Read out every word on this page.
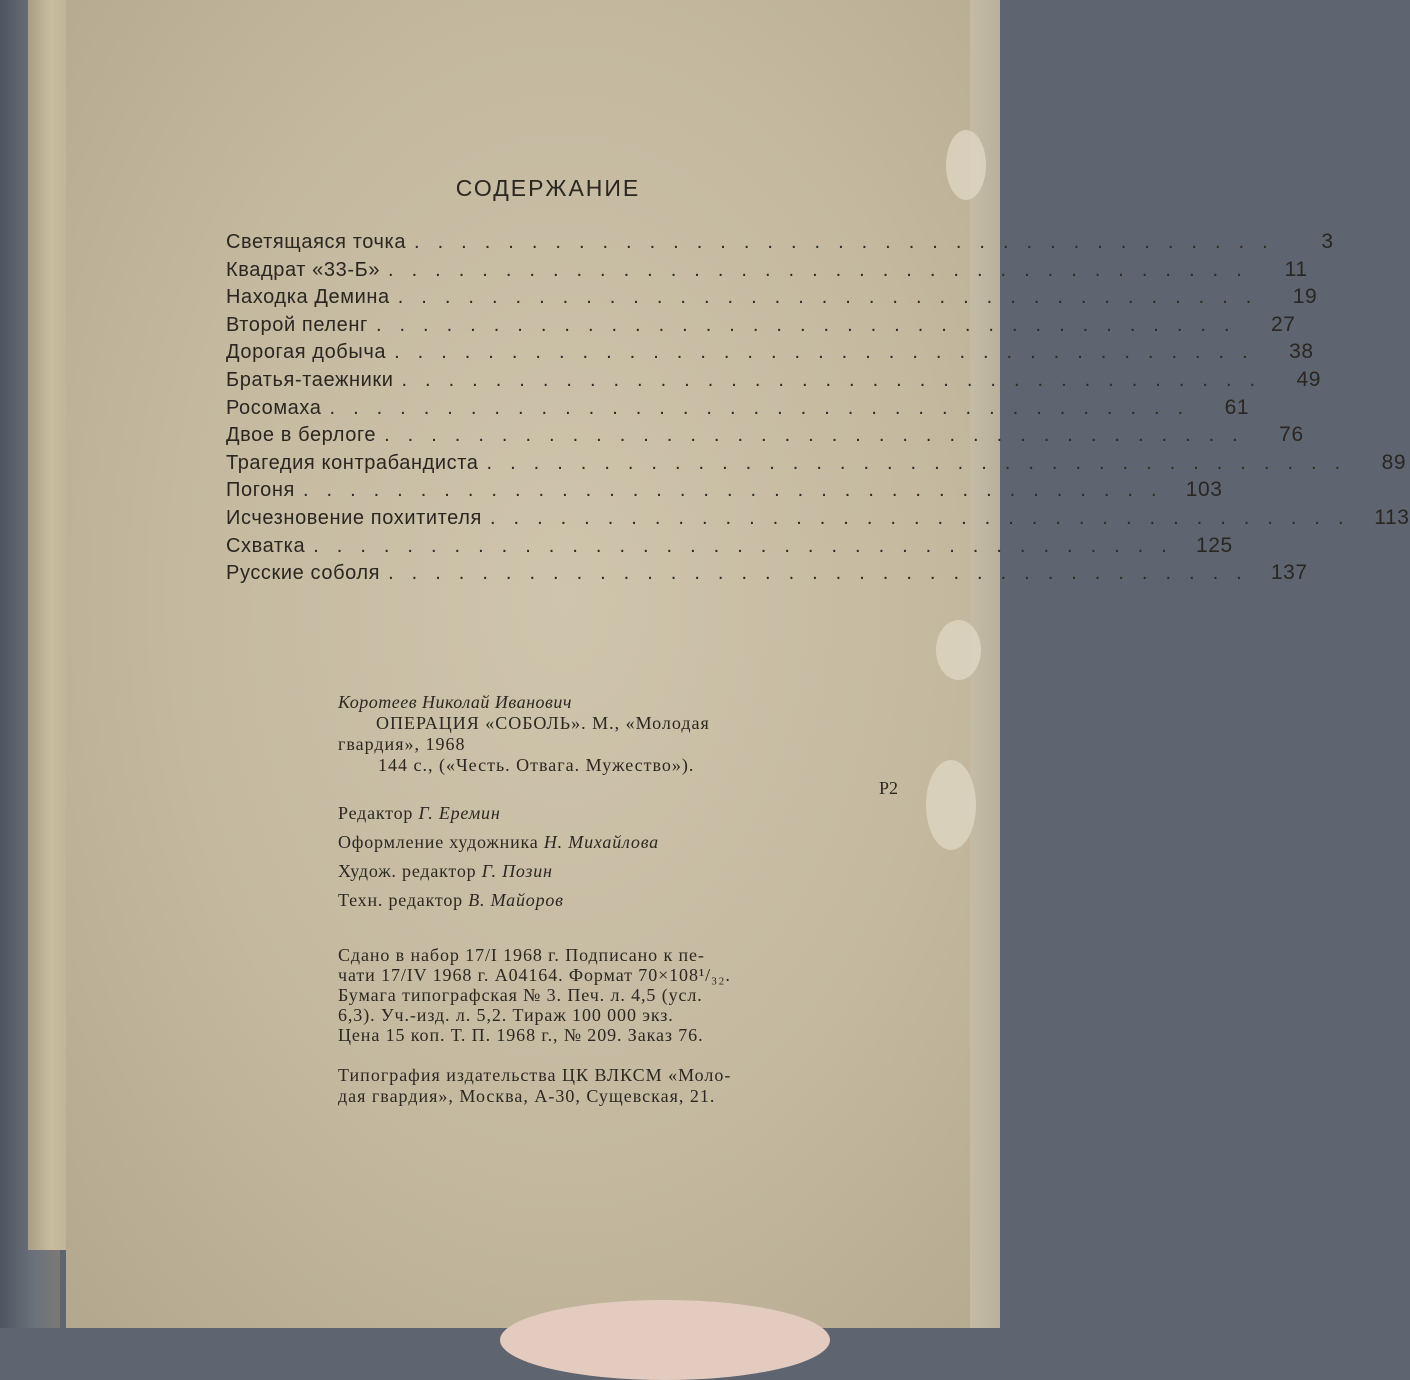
СОДЕРЖАНИЕ
Светящаяся точка .....................................	3
Квадрат «33-Б» .....................................	11
Находка Демина .....................................	19
Второй пеленг .....................................	27
Дорогая добыча .....................................	38
Братья-таежники .....................................	49
Росомаха .....................................	61
Двое в берлоге .....................................	76
Трагедия контрабандиста .....................................	89
Погоня ..................................... 103
Исчезновение похитителя ..................................... 113
Схватка ..................................... 125
Русские соболя ..................................... 137
Коротеев Николай Иванович
ОПЕРАЦИЯ «СОБОЛЬ». М., «Молодая
гвардия», 1968
144 с., («Честь. Отвага. Мужество»).
Р2
Редактор Г. Еремин
Оформление художника Н. Михайлова
Худож. редактор Г. Позин
Техн. редактор В. Майоров
Сдано в набор 17/I 1968 г. Подписано к пе-
чати 17/IV 1968 г. А04164. Формат 70×108¹/₃₂.
Бумага типографская № 3. Печ. л. 4,5 (усл.
6,3). Уч.-изд. л. 5,2. Тираж 100 000 экз.
Цена 15 коп. Т. П. 1968 г., № 209. Заказ 76.
Типография издательства ЦК ВЛКСМ «Моло-
дая гвардия», Москва, А-30, Сущевская, 21.
